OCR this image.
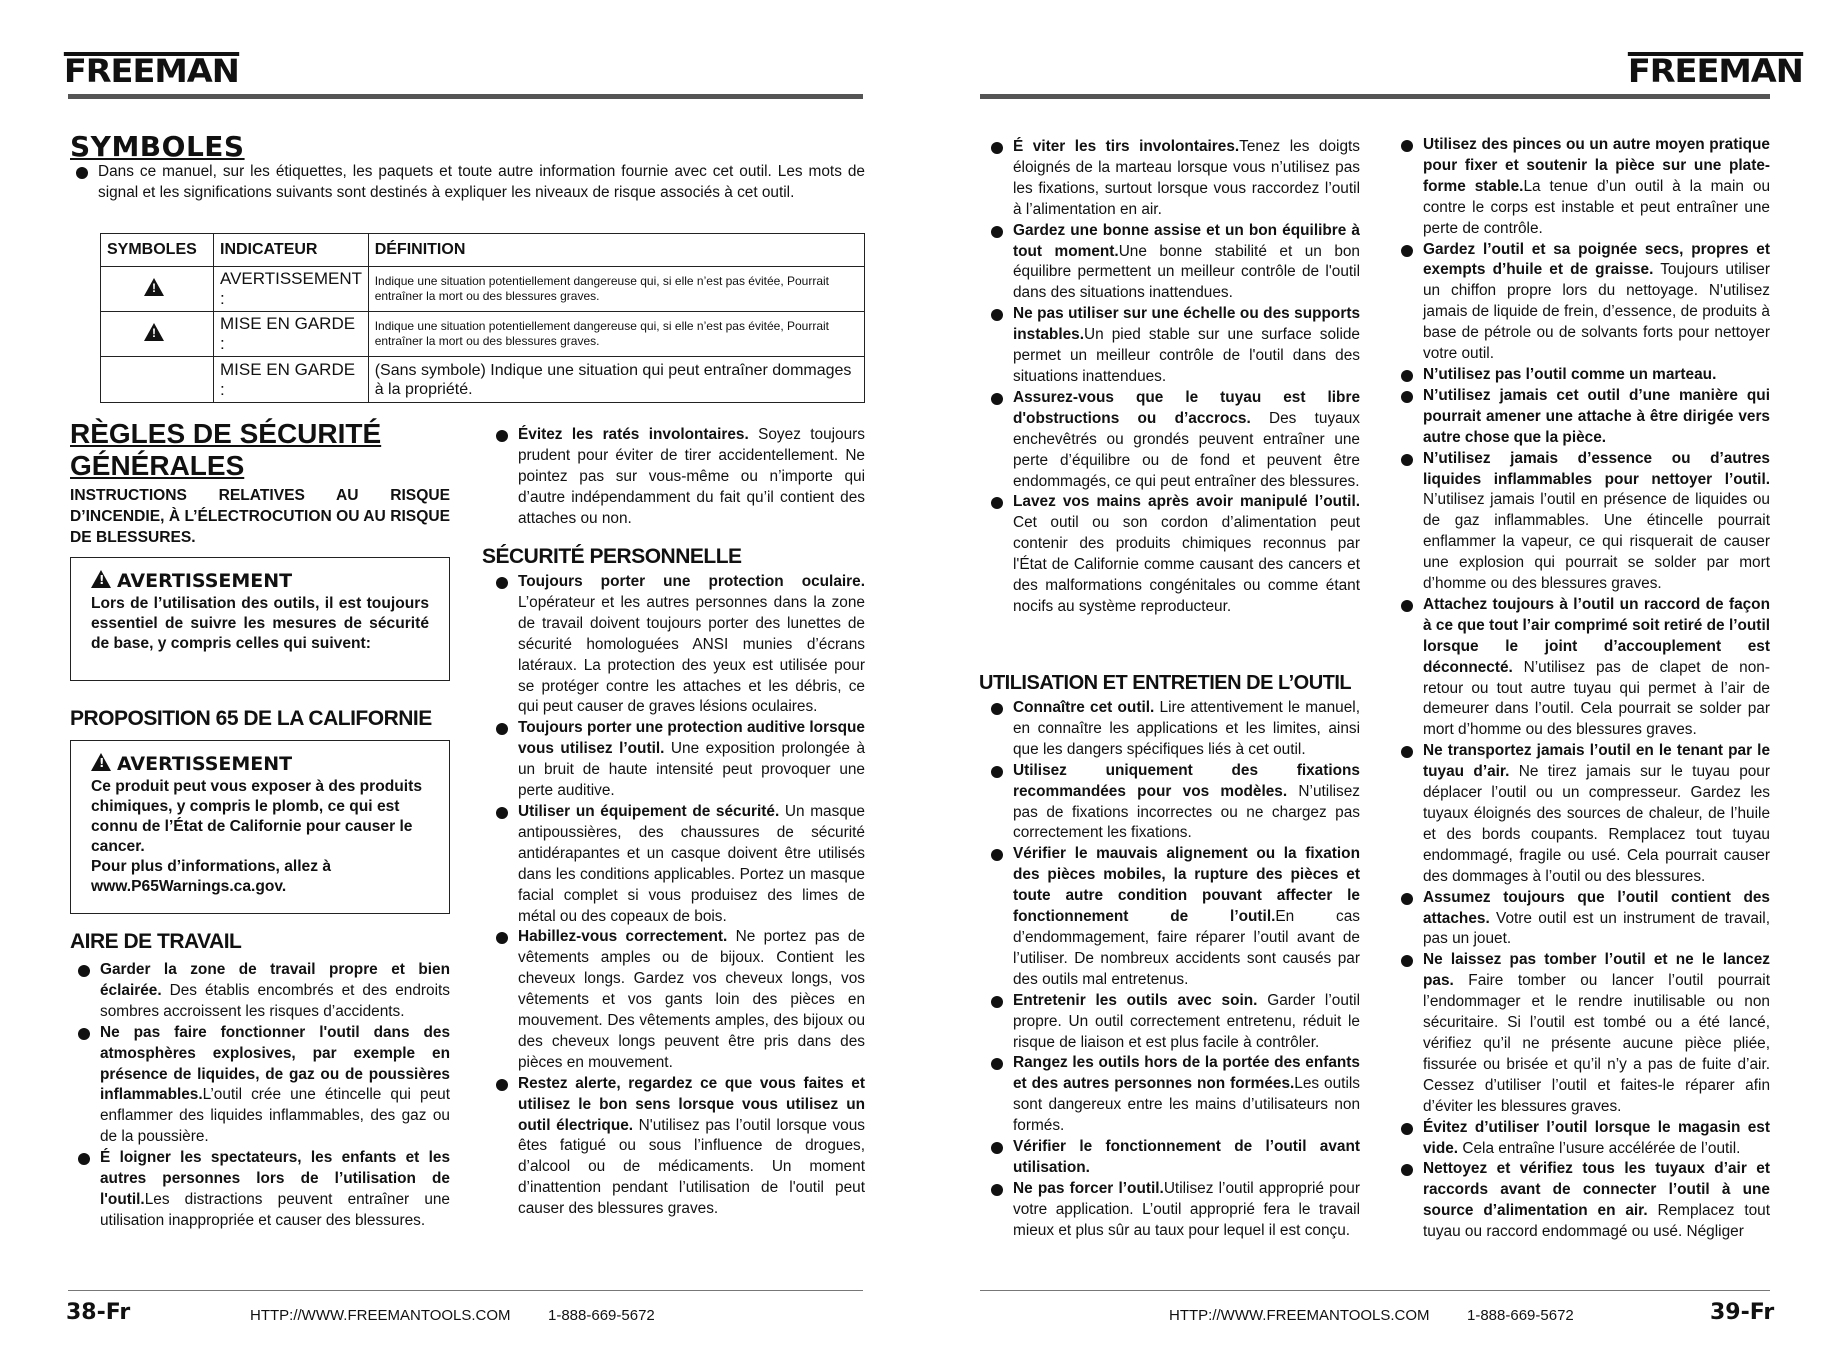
FREEMAN
SYMBOLES

Dans ce manuel, sur les étiquettes, les paquets et toute autre information fournie avec cet outil. Les mots de signal et les significations suivants sont destinés à expliquer les niveaux de risque associés à cet outil.

SYMBOLES	INDICATEUR	DÉFINITION
!	AVERTISSEMENT :	Indique une situation potentiellement dangereuse qui, si elle n’est pas évitée, Pourrait entraîner la mort ou des blessures graves.
!	MISE EN GARDE :	Indique une situation potentiellement dangereuse qui, si elle n’est pas évitée, Pourrait entraîner la mort ou des blessures graves.
	MISE EN GARDE :	(Sans symbole) Indique une situation qui peut entraîner dommages à la propriété.
RÈGLES DE SÉCURITÉ GÉNÉRALES
INSTRUCTIONS RELATIVES AU RISQUE D’INCENDIE, À L’ÉLECTROCUTION OU AU RISQUE DE BLESSURES.
!AVERTISSEMENT
Lors de l’utilisation des outils, il est toujours essentiel de suivre les mesures de sécurité de base, y compris celles qui suivent:
PROPOSITION 65 DE LA CALIFORNIE
!AVERTISSEMENT
Ce produit peut vous exposer à des produits chimiques, y compris le plomb, ce qui est connu de l’État de Californie pour causer le cancer.
Pour plus d’informations, allez à www.P65Warnings.ca.gov.
AIRE DE TRAVAIL

Garder la zone de travail propre et bien éclairée. Des établis encombrés et des endroits sombres accroissent les risques d’accidents.

Ne pas faire fonctionner l'outil dans des atmosphères explosives, par exemple en présence de liquides, de gaz ou de poussières inflammables.L’outil crée une étincelle qui peut enflammer des liquides inflammables, des gaz ou de la poussière.

É loigner les spectateurs, les enfants et les autres personnes lors de l’utilisation de l'outil.Les distractions peuvent entraîner une utilisation inappropriée et causer des blessures.

Évitez les ratés involontaires. Soyez toujours prudent pour éviter de tirer accidentellement. Ne pointez pas sur vous-même ou n’importe qui d’autre indépendamment du fait qu’il contient des attaches ou non.

SÉCURITÉ PERSONNELLE

Toujours porter une protection oculaire. L’opérateur et les autres personnes dans la zone de travail doivent toujours porter des lunettes de sécurité homologuées ANSI munies d’écrans latéraux. La protection des yeux est utilisée pour se protéger contre les attaches et les débris, ce qui peut causer de graves lésions oculaires.

Toujours porter une protection auditive lorsque vous utilisez l’outil. Une exposition prolongée à un bruit de haute intensité peut provoquer une perte auditive.

Utiliser un équipement de sécurité. Un masque antipoussières, des chaussures de sécurité antidérapantes et un casque doivent être utilisés dans les conditions applicables. Portez un masque facial complet si vous produisez des limes de métal ou des copeaux de bois.

Habillez-vous correctement. Ne portez pas de vêtements amples ou de bijoux. Contient les cheveux longs. Gardez vos cheveux longs, vos vêtements et vos gants loin des pièces en mouvement. Des vêtements amples, des bijoux ou des cheveux longs peuvent être pris dans des pièces en mouvement.

Restez alerte, regardez ce que vous faites et utilisez le bon sens lorsque vous utilisez un outil électrique. N'utilisez pas l’outil lorsque vous êtes fatigué ou sous l’influence de drogues, d’alcool ou de médicaments. Un moment d’inattention pendant l’utilisation de l'outil peut causer des blessures graves.

38-Fr	HTTP://WWW.FREEMANTOOLS.COM 1-888-669-5672
FREEMAN

É viter les tirs involontaires.Tenez les doigts éloignés de la marteau lorsque vous n’utilisez pas les fixations, surtout lorsque vous raccordez l’outil à l’alimentation en air.

Gardez une bonne assise et un bon équilibre à tout moment.Une bonne stabilité et un bon équilibre permettent un meilleur contrôle de l'outil dans des situations inattendues.

Ne pas utiliser sur une échelle ou des supports instables.Un pied stable sur une surface solide permet un meilleur contrôle de l'outil dans des situations inattendues.

Assurez-vous que le tuyau est libre d'obstructions ou d’accrocs. Des tuyaux enchevêtrés ou grondés peuvent entraîner une perte d’équilibre ou de fond et peuvent être endommagés, ce qui peut entraîner des blessures.

Lavez vos mains après avoir manipulé l’outil. Cet outil ou son cordon d’alimentation peut contenir des produits chimiques reconnus par l'État de Californie comme causant des cancers et des malformations congénitales ou comme étant nocifs au système reproducteur.

UTILISATION ET ENTRETIEN DE L’OUTIL

Connaître cet outil. Lire attentivement le manuel, en connaître les applications et les limites, ainsi que les dangers spécifiques liés à cet outil.

Utilisez uniquement des fixations recommandées pour vos modèles. N’utilisez pas de fixations incorrectes ou ne chargez pas correctement les fixations.

Vérifier le mauvais alignement ou la fixation des pièces mobiles, la rupture des pièces et toute autre condition pouvant affecter le fonctionnement de l’outil.En cas d’endommagement, faire réparer l’outil avant de l’utiliser. De nombreux accidents sont causés par des outils mal entretenus.

Entretenir les outils avec soin. Garder l’outil propre. Un outil correctement entretenu, réduit le risque de liaison et est plus facile à contrôler.

Rangez les outils hors de la portée des enfants et des autres personnes non formées.Les outils sont dangereux entre les mains d’utilisateurs non formés.

Vérifier le fonctionnement de l’outil avant utilisation.

Ne pas forcer l’outil.Utilisez l’outil approprié pour votre application. L’outil approprié fera le travail mieux et plus sûr au taux pour lequel il est conçu.

Utilisez des pinces ou un autre moyen pratique pour fixer et soutenir la pièce sur une plate-forme stable.La tenue d’un outil à la main ou contre le corps est instable et peut entraîner une perte de contrôle.

Gardez l’outil et sa poignée secs, propres et exempts d’huile et de graisse. Toujours utiliser un chiffon propre lors du nettoyage. N'utilisez jamais de liquide de frein, d’essence, de produits à base de pétrole ou de solvants forts pour nettoyer votre outil.

N’utilisez pas l’outil comme un marteau.

N’utilisez jamais cet outil d’une manière qui pourrait amener une attache à être dirigée vers autre chose que la pièce.

N’utilisez jamais d’essence ou d’autres liquides inflammables pour nettoyer l’outil. N’utilisez jamais l’outil en présence de liquides ou de gaz inflammables. Une étincelle pourrait enflammer la vapeur, ce qui risquerait de causer une explosion qui pourrait se solder par mort d’homme ou des blessures graves.

Attachez toujours à l’outil un raccord de façon à ce que tout l’air comprimé soit retiré de l’outil lorsque le joint d’accouplement est déconnecté. N’utilisez pas de clapet de non-retour ou tout autre tuyau qui permet à l’air de demeurer dans l’outil. Cela pourrait se solder par mort d’homme ou des blessures graves.

Ne transportez jamais l’outil en le tenant par le tuyau d’air. Ne tirez jamais sur le tuyau pour déplacer l’outil ou un compresseur. Gardez les tuyaux éloignés des sources de chaleur, de l’huile et des bords coupants. Remplacez tout tuyau endommagé, fragile ou usé. Cela pourrait causer des dommages à l’outil ou des blessures.

Assumez toujours que l’outil contient des attaches. Votre outil est un instrument de travail, pas un jouet.

Ne laissez pas tomber l’outil et ne le lancez pas. Faire tomber ou lancer l’outil pourrait l’endommager et le rendre inutilisable ou non sécuritaire. Si l’outil est tombé ou a été lancé, vérifiez qu’il ne présente aucune pièce pliée, fissurée ou brisée et qu’il n’y a pas de fuite d’air. Cessez d’utiliser l’outil et faites-le réparer afin d’éviter les blessures graves.

Évitez d’utiliser l’outil lorsque le magasin est vide. Cela entraîne l’usure accélérée de l’outil.

Nettoyez et vérifiez tous les tuyaux d’air et raccords avant de connecter l’outil à une source d’alimentation en air. Remplacez tout tuyau ou raccord endommagé ou usé. Négliger

HTTP://WWW.FREEMANTOOLS.COM 1-888-669-5672	39-Fr
